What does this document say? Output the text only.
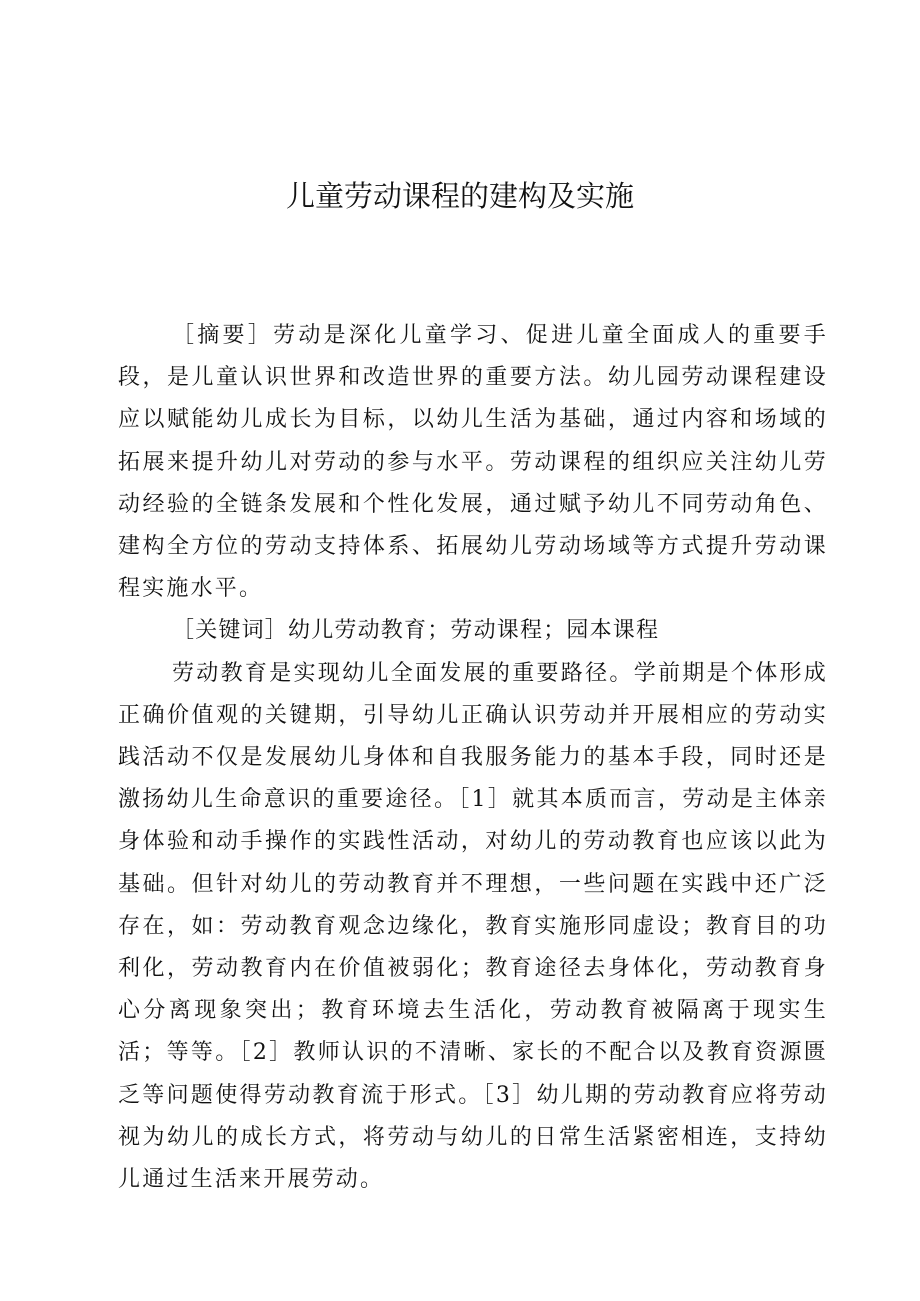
儿童劳动课程的建构及实施

［摘要］劳动是深化儿童学习、促进儿童全面成人的重要手段，是儿童认识世界和改造世界的重要方法。幼儿园劳动课程建设应以赋能幼儿成长为目标，以幼儿生活为基础，通过内容和场域的拓展来提升幼儿对劳动的参与水平。劳动课程的组织应关注幼儿劳动经验的全链条发展和个性化发展，通过赋予幼儿不同劳动角色、建构全方位的劳动支持体系、拓展幼儿劳动场域等方式提升劳动课程实施水平。

［关键词］幼儿劳动教育；劳动课程；园本课程

劳动教育是实现幼儿全面发展的重要路径。学前期是个体形成正确价值观的关键期，引导幼儿正确认识劳动并开展相应的劳动实践活动不仅是发展幼儿身体和自我服务能力的基本手段，同时还是激扬幼儿生命意识的重要途径。［1］就其本质而言，劳动是主体亲身体验和动手操作的实践性活动，对幼儿的劳动教育也应该以此为基础。但针对幼儿的劳动教育并不理想，一些问题在实践中还广泛存在，如：劳动教育观念边缘化，教育实施形同虚设；教育目的功利化，劳动教育内在价值被弱化；教育途径去身体化，劳动教育身心分离现象突出；教育环境去生活化，劳动教育被隔离于现实生活；等等。［2］教师认识的不清晰、家长的不配合以及教育资源匮乏等问题使得劳动教育流于形式。［3］幼儿期的劳动教育应将劳动视为幼儿的成长方式，将劳动与幼儿的日常生活紧密相连，支持幼儿通过生活来开展劳动。
